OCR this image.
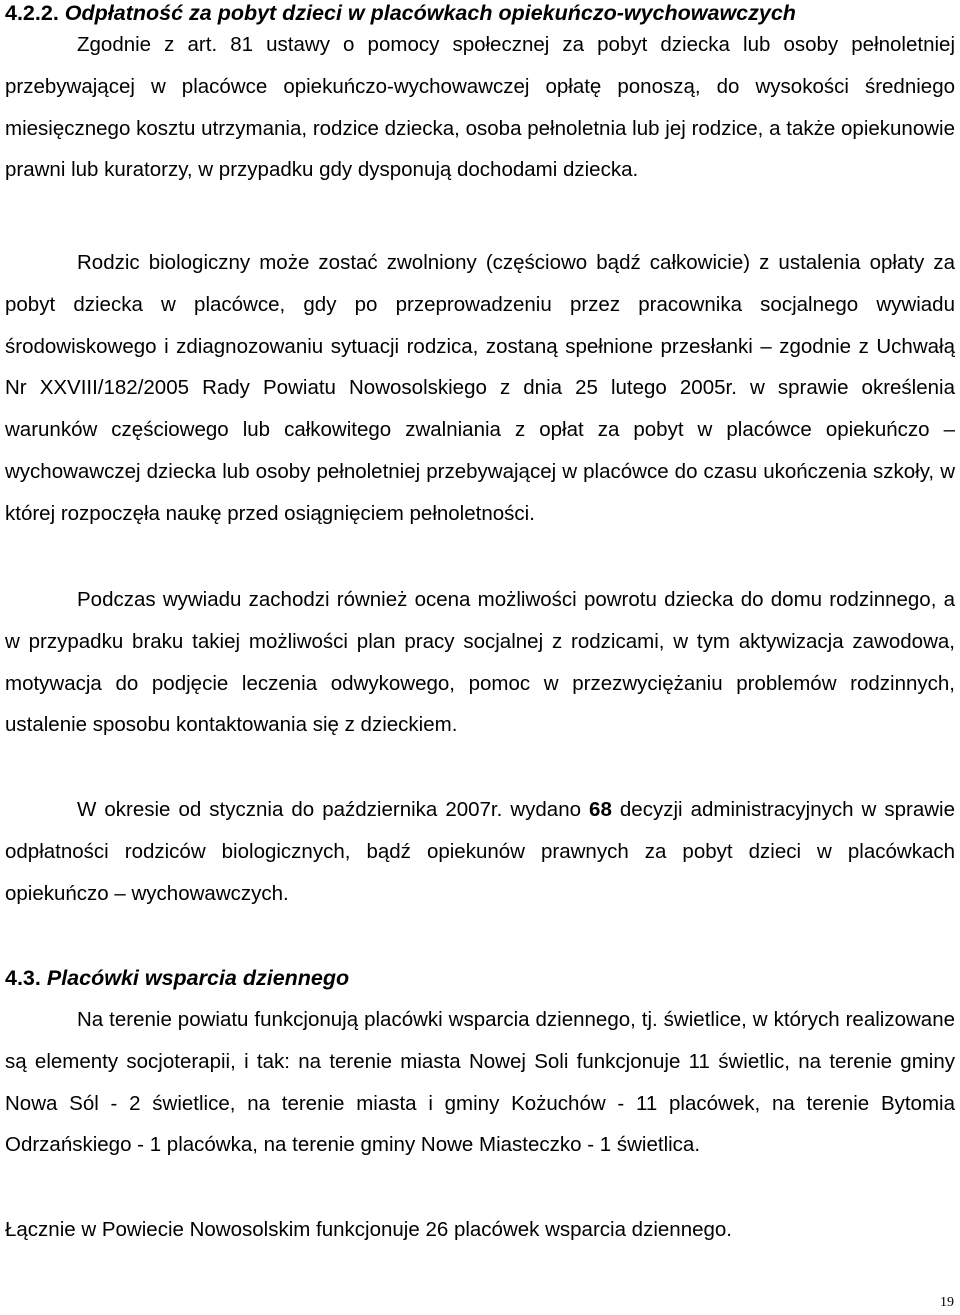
4.2.2. Odpłatność za pobyt dzieci w placówkach opiekuńczo-wychowawczych

Zgodnie z art. 81 ustawy o pomocy społecznej za pobyt dziecka lub osoby pełnoletniej przebywającej w placówce opiekuńczo-wychowawczej opłatę ponoszą, do wysokości średniego miesięcznego kosztu utrzymania, rodzice dziecka, osoba pełnoletnia lub jej rodzice, a także opiekunowie prawni lub kuratorzy, w przypadku gdy dysponują dochodami dziecka.

Rodzic biologiczny może zostać zwolniony (częściowo bądź całkowicie) z ustalenia opłaty za pobyt dziecka w placówce, gdy po przeprowadzeniu przez pracownika socjalnego wywiadu środowiskowego i zdiagnozowaniu sytuacji rodzica, zostaną spełnione przesłanki – zgodnie z Uchwałą Nr XXVIII/182/2005 Rady Powiatu Nowosolskiego z dnia 25 lutego 2005r. w sprawie określenia warunków częściowego lub całkowitego zwalniania z opłat za pobyt w placówce opiekuńczo – wychowawczej dziecka lub osoby pełnoletniej przebywającej w placówce do czasu ukończenia szkoły, w której rozpoczęła naukę przed osiągnięciem pełnoletności.

Podczas wywiadu zachodzi również ocena możliwości powrotu dziecka do domu rodzinnego, a w przypadku braku takiej możliwości plan pracy socjalnej z rodzicami, w tym aktywizacja zawodowa, motywacja do podjęcie leczenia odwykowego, pomoc w przezwyciężaniu problemów rodzinnych, ustalenie sposobu kontaktowania się z dzieckiem.

W okresie od stycznia do października 2007r. wydano 68 decyzji administracyjnych w sprawie odpłatności rodziców biologicznych, bądź opiekunów prawnych za pobyt dzieci w placówkach opiekuńczo – wychowawczych.

4.3. Placówki wsparcia dziennego

Na terenie powiatu funkcjonują placówki wsparcia dziennego, tj. świetlice, w których realizowane są elementy socjoterapii, i tak: na terenie miasta Nowej Soli funkcjonuje 11 świetlic, na terenie gminy Nowa Sól - 2 świetlice, na terenie miasta i gminy Kożuchów - 11 placówek, na terenie Bytomia Odrzańskiego - 1 placówka, na terenie gminy Nowe Miasteczko - 1 świetlica.

Łącznie w Powiecie Nowosolskim funkcjonuje 26 placówek wsparcia dziennego.

19
